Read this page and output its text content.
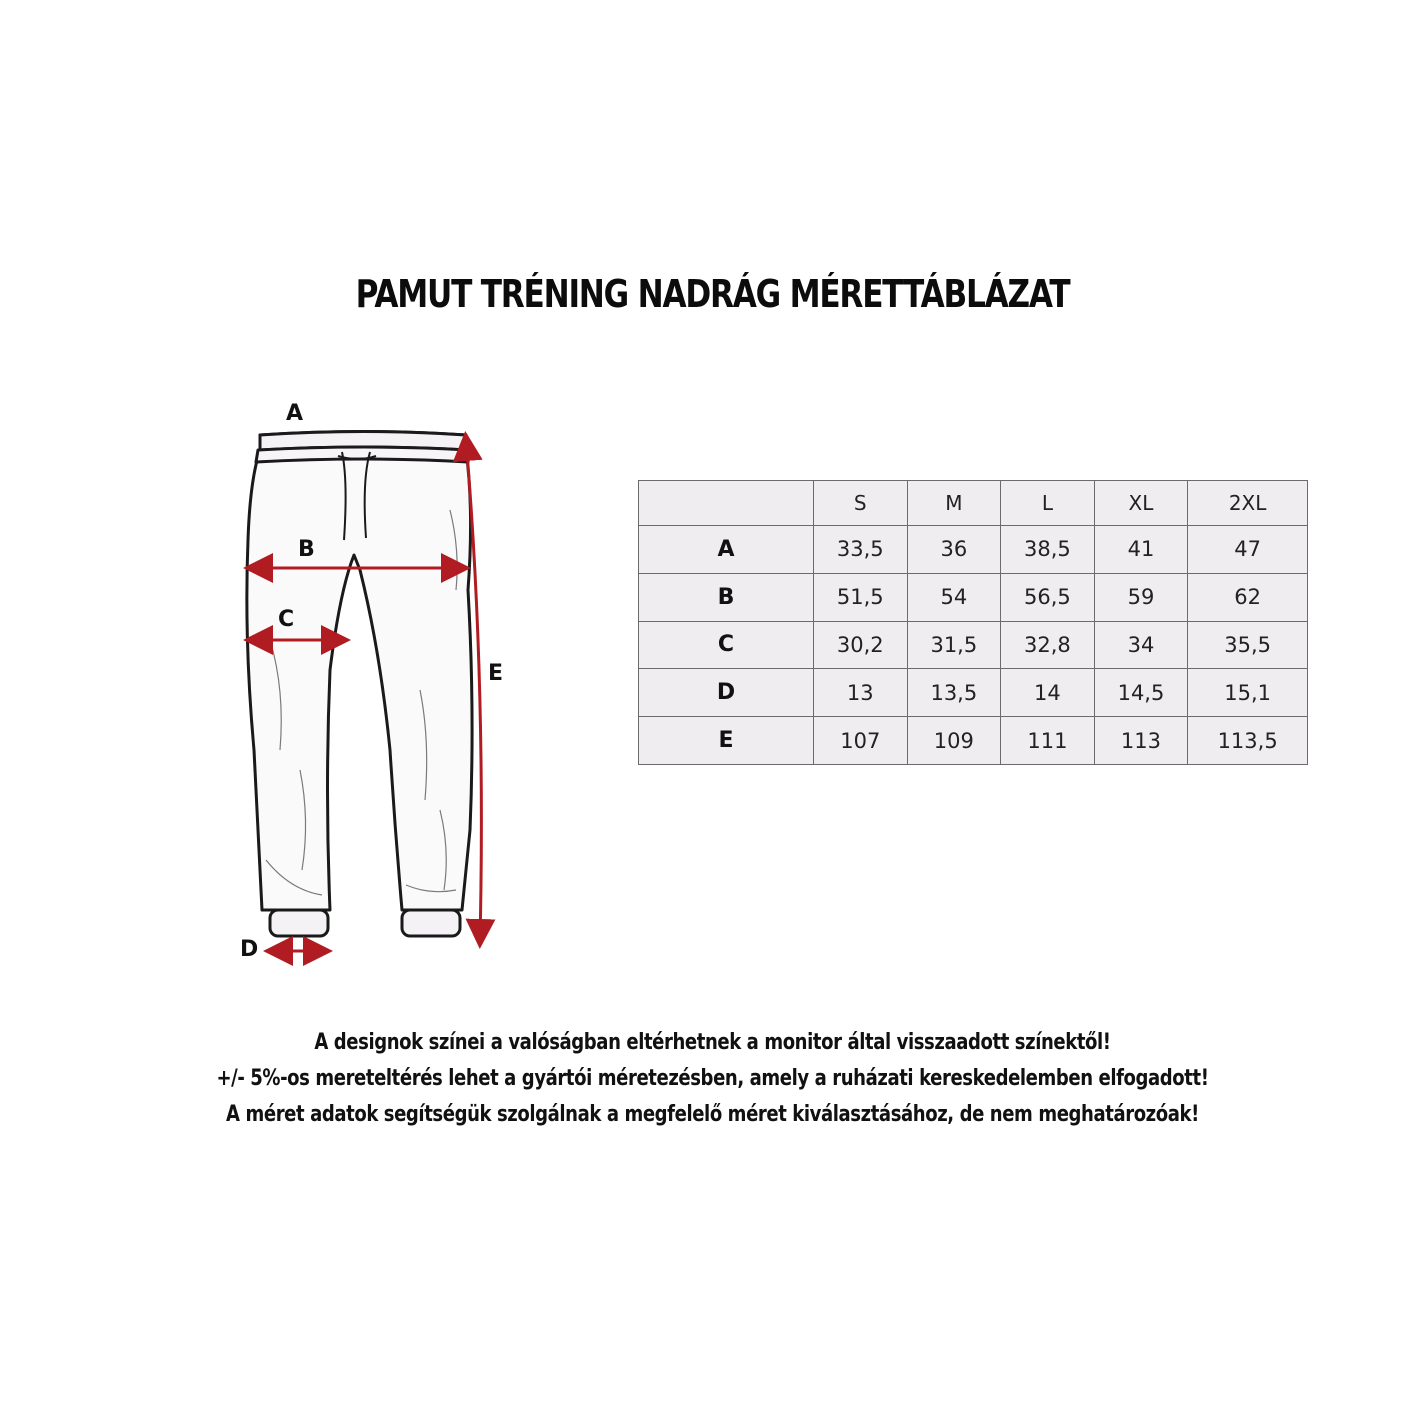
PAMUT TRÉNING NADRÁG MÉRETTÁBLÁZAT
A
B
C
D
E
	S	M	L	XL	2XL
A	33,5	36	38,5	41	47
B	51,5	54	56,5	59	62
C	30,2	31,5	32,8	34	35,5
D	13	13,5	14	14,5	15,1
E	107	109	111	113	113,5
A designok színei a valóságban eltérhetnek a monitor által visszaadott színektől!
+/- 5%-os mereteltérés lehet a gyártói méretezésben, amely a ruházati kereskedelemben elfogadott!
A méret adatok segítségük szolgálnak a megfelelő méret kiválasztásához, de nem meghatározóak!
